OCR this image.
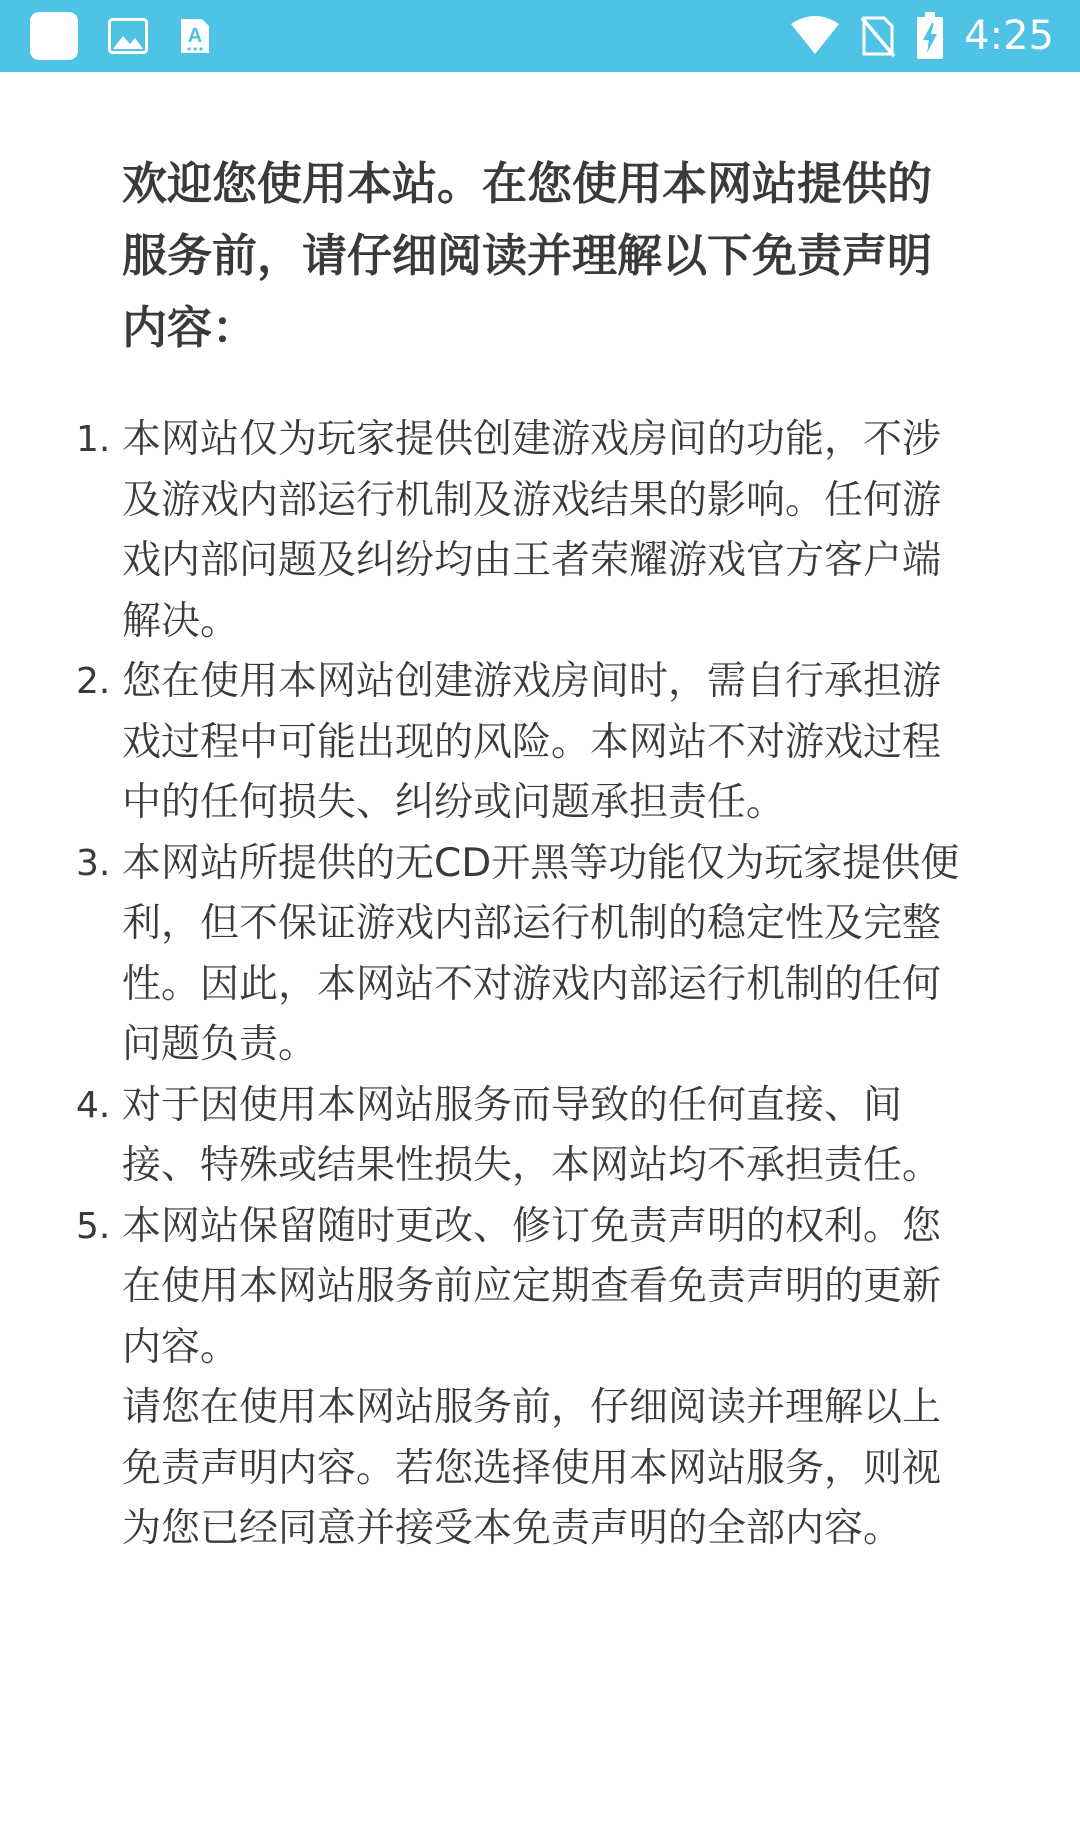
A	4:25

欢迎您使用本站。在您使用本网站提供的服务前，请仔细阅读并理解以下免责声明内容：

1. 本网站仅为玩家提供创建游戏房间的功能，不涉及游戏内部运行机制及游戏结果的影响。任何游戏内部问题及纠纷均由王者荣耀游戏官方客户端解决。
2. 您在使用本网站创建游戏房间时，需自行承担游戏过程中可能出现的风险。本网站不对游戏过程中的任何损失、纠纷或问题承担责任。
3. 本网站所提供的无CD开黑等功能仅为玩家提供便利，但不保证游戏内部运行机制的稳定性及完整性。因此，本网站不对游戏内部运行机制的任何问题负责。
4. 对于因使用本网站服务而导致的任何直接、间接、特殊或结果性损失，本网站均不承担责任。
5. 本网站保留随时更改、修订免责声明的权利。您在使用本网站服务前应定期查看免责声明的更新内容。
请您在使用本网站服务前，仔细阅读并理解以上免责声明内容。若您选择使用本网站服务，则视为您已经同意并接受本免责声明的全部内容。
